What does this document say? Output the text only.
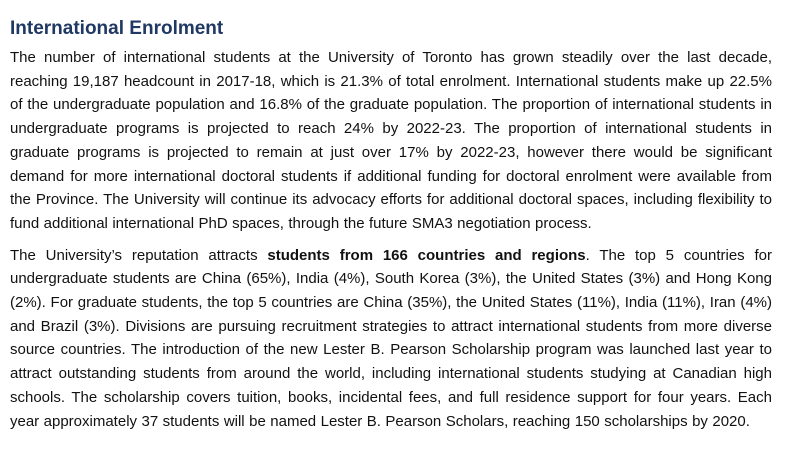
International Enrolment

The number of international students at the University of Toronto has grown steadily over the last decade, reaching 19,187 headcount in 2017-18, which is 21.3% of total enrolment. International students make up 22.5% of the undergraduate population and 16.8% of the graduate population. The proportion of international students in undergraduate programs is projected to reach 24% by 2022-23. The proportion of international students in graduate programs is projected to remain at just over 17% by 2022-23, however there would be significant demand for more international doctoral students if additional funding for doctoral enrolment were available from the Province. The University will continue its advocacy efforts for additional doctoral spaces, including flexibility to fund additional international PhD spaces, through the future SMA3 negotiation process.

The University’s reputation attracts students from 166 countries and regions. The top 5 countries for undergraduate students are China (65%), India (4%), South Korea (3%), the United States (3%) and Hong Kong (2%). For graduate students, the top 5 countries are China (35%), the United States (11%), India (11%), Iran (4%) and Brazil (3%). Divisions are pursuing recruitment strategies to attract international students from more diverse source countries. The introduction of the new Lester B. Pearson Scholarship program was launched last year to attract outstanding students from around the world, including international students studying at Canadian high schools. The scholarship covers tuition, books, incidental fees, and full residence support for four years. Each year approximately 37 students will be named Lester B. Pearson Scholars, reaching 150 scholarships by 2020.
